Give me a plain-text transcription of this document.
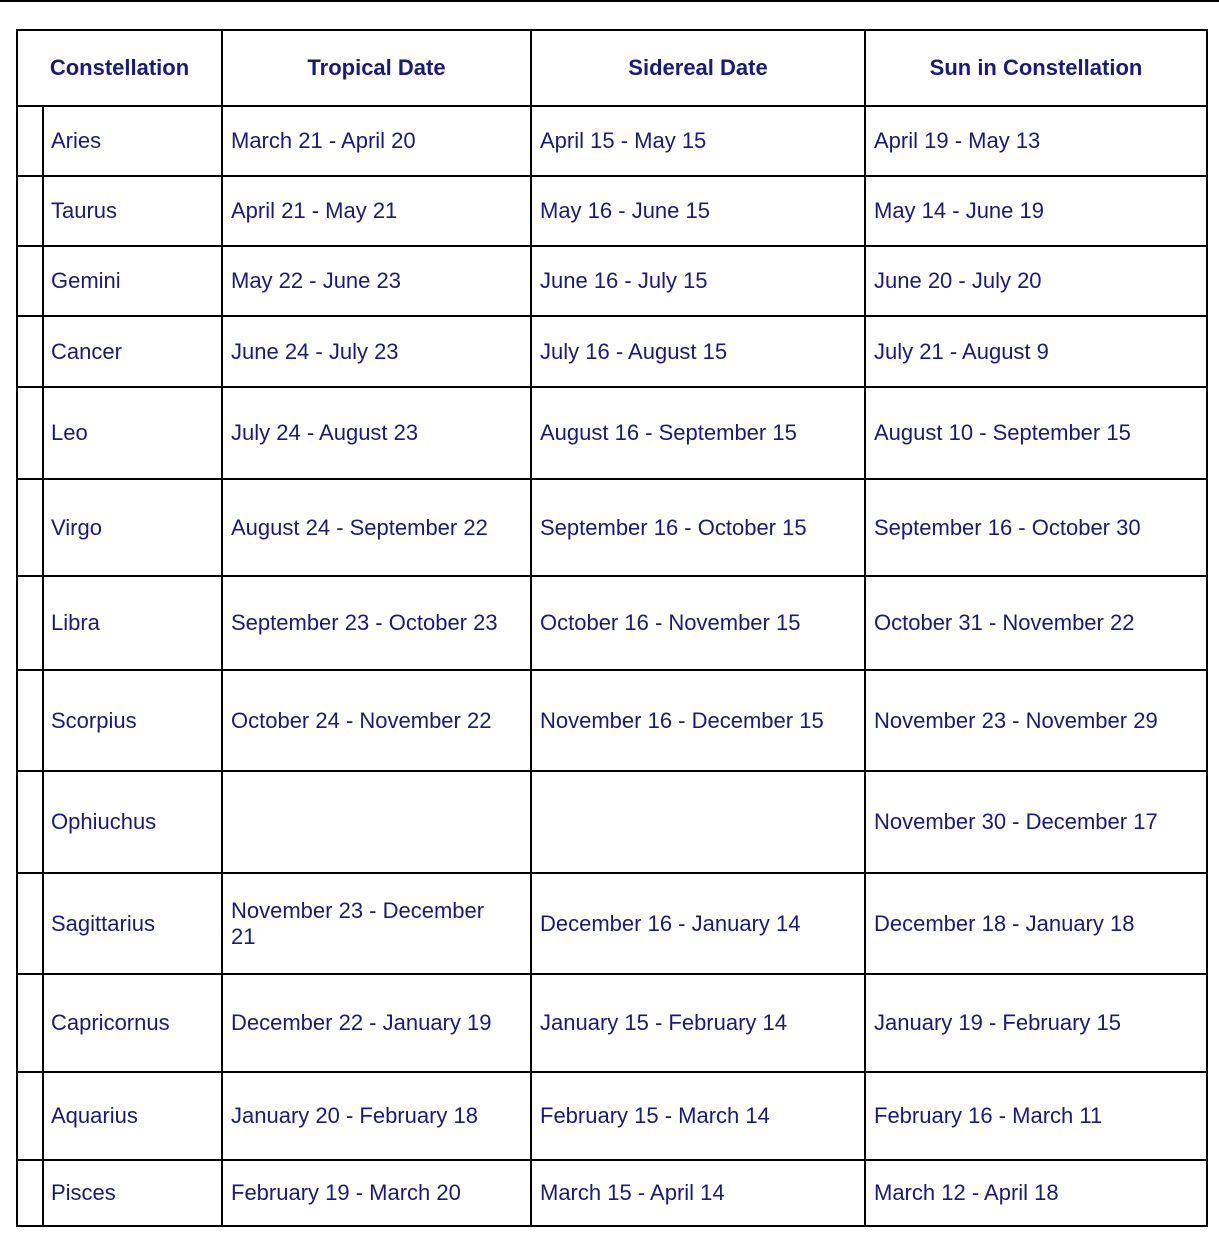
Constellation		Tropical Date	Sidereal Date	Sun in Constellation
	Aries	March 21 - April 20	April 15 - May 15	April 19 - May 13
	Taurus	April 21 - May 21	May 16 - June 15	May 14 - June 19
	Gemini	May 22 - June 23	June 16 - July 15	June 20 - July 20
	Cancer	June 24 - July 23	July 16 - August 15	July 21 - August 9
	Leo	July 24 - August 23	August 16 - September 15	August 10 - September 15
	Virgo	August 24 - September 22	September 16 - October 15	September 16 - October 30
	Libra	September 23 - October 23	October 16 - November 15	October 31 - November 22
	Scorpius	October 24 - November 22	November 16 - December 15	November 23 - November 29
	Ophiuchus			November 30 - December 17
	Sagittarius	November 23 - December 21	December 16 - January 14	December 18 - January 18
	Capricornus	December 22 - January 19	January 15 - February 14	January 19 - February 15
	Aquarius	January 20 - February 18	February 15 - March 14	February 16 - March 11
	Pisces	February 19 - March 20	March 15 - April 14	March 12 - April 18
